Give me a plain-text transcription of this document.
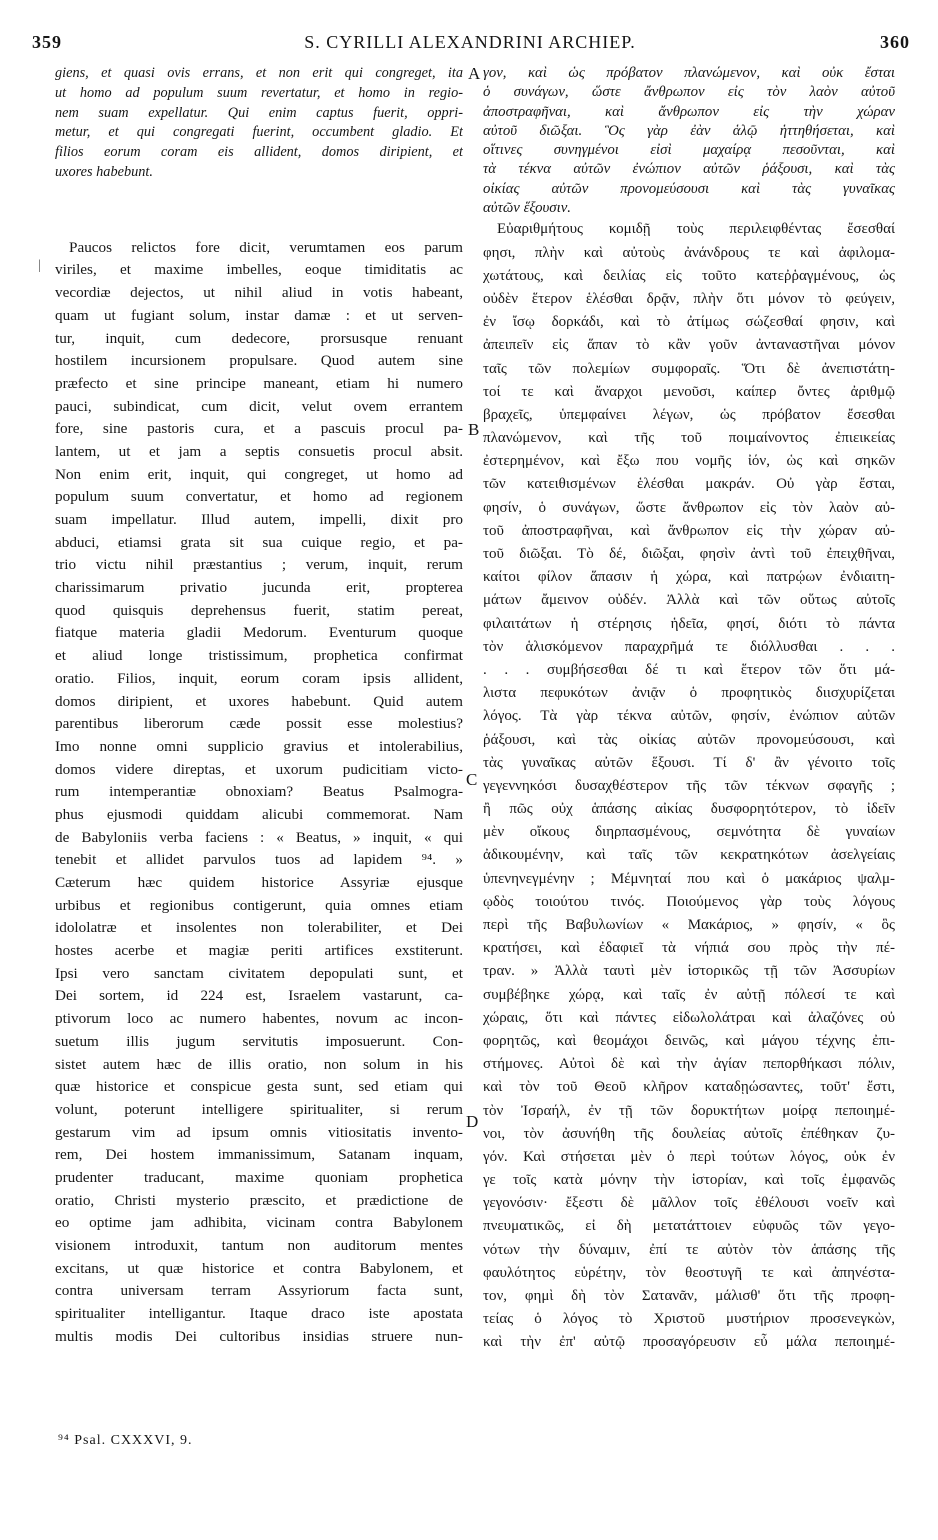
359	S. CYRILLI ALEXANDRINI ARCHIEP.	360
giens, et quasi ovis errans, et non erit qui congreget, ita
ut homo ad populum suum revertatur, et homo in regio-
nem suam expellatur. Qui enim captus fuerit, oppri-
metur, et qui congregati fuerint, occumbent gladio. Et
filios eorum coram eis allident, domos diripient, et
uxores habebunt.
Paucos relictos fore dicit, verumtamen eos parum
viriles, et maxime imbelles, eoque timiditatis ac
vecordiæ dejectos, ut nihil aliud in votis habeant,
quam ut fugiant solum, instar damæ : et ut serven-
tur, inquit, cum dedecore, prorsusque renuant
hostilem incursionem propulsare. Quod autem sine
præfecto et sine principe maneant, etiam hi numero
pauci, subindicat, cum dicit, velut ovem errantem
fore, sine pastoris cura, et a pascuis procul pa-
lantem, ut et jam a septis consuetis procul absit.
Non enim erit, inquit, qui congreget, ut homo ad
populum suum convertatur, et homo ad regionem
suam impellatur. Illud autem, impelli, dixit pro
abduci, etiamsi grata sit sua cuique regio, et pa-
trio victu nihil præstantius ; verum, inquit, rerum
charissimarum privatio jucunda erit, propterea
quod quisquis deprehensus fuerit, statim pereat,
fiatque materia gladii Medorum. Eventurum quoque
et aliud longe tristissimum, prophetica confirmat
oratio. Filios, inquit, eorum coram ipsis allident,
domos diripient, et uxores habebunt. Quid autem
parentibus liberorum cæde possit esse molestius?
Imo nonne omni supplicio gravius et intolerabilius,
domos videre direptas, et uxorum pudicitiam victo-
rum intemperantiæ obnoxiam? Beatus Psalmogra-
phus ejusmodi quiddam alicubi commemorat. Nam
de Babyloniis verba faciens : « Beatus, » inquit, « qui
tenebit et allidet parvulos tuos ad lapidem ⁹⁴. »
Cæterum hæc quidem historice Assyriæ ejusque
urbibus et regionibus contigerunt, quia omnes etiam
idololatræ et insolentes non tolerabiliter, et Dei
hostes acerbe et magiæ periti artifices exstiterunt.
Ipsi vero sanctam civitatem depopulati sunt, et
Dei sortem, id 224 est, Israelem vastarunt, ca-
ptivorum loco ac numero habentes, novum ac incon-
suetum illis jugum servitutis imposuerunt. Con-
sistet autem hæc de illis oratio, non solum in his
quæ historice et conspicue gesta sunt, sed etiam qui
volunt, poterunt intelligere spiritualiter, si rerum
gestarum vim ad ipsum omnis vitiositatis invento-
rem, Dei hostem immanissimum, Satanam inquam,
prudenter traducant, maxime quoniam prophetica
oratio, Christi mysterio præscito, et prædictione de
eo optime jam adhibita, vicinam contra Babylonem
visionem introduxit, tantum non auditorum mentes
excitans, ut quæ historice et contra Babylonem, et
contra universam terram Assyriorum facta sunt,
spiritualiter intelligantur. Itaque draco iste apostata
multis modis Dei cultoribus insidias struere nun-
γον, καὶ ὡς πρόβατον πλανώμενον, καὶ οὐκ ἔσται
ὁ συνάγων, ὥστε ἄνθρωπον εἰς τὸν λαὸν αὐτοῦ
ἀποστραφῆναι, καὶ ἄνθρωπον εἰς τὴν χώραν
αὐτοῦ διῶξαι. Ὃς γὰρ ἐὰν ἁλῷ ἡττηθήσεται, καὶ
οἵτινες συνηγμένοι εἰσὶ μαχαίρᾳ πεσοῦνται, καὶ
τὰ τέκνα αὐτῶν ἐνώπιον αὐτῶν ῥάξουσι, καὶ τὰς
οἰκίας αὐτῶν προνομεύσουσι καὶ τὰς γυναῖκας
αὐτῶν ἕξουσιν.
Εὐαριθμήτους κομιδῇ τοὺς περιλειφθέντας ἔσεσθαί
φησι, πλὴν καὶ αὐτοὺς ἀνάνδρους τε καὶ ἀφιλομα-
χωτάτους, καὶ δειλίας εἰς τοῦτο κατεῤῥαγμένους, ὡς
οὐδὲν ἕτερον ἑλέσθαι δρᾷν, πλὴν ὅτι μόνον τὸ φεύγειν,
ἐν ἴσῳ δορκάδι, καὶ τὸ ἀτίμως σώζεσθαί φησιν, καὶ
ἀπειπεῖν εἰς ἅπαν τὸ κἂν γοῦν ἀνταναστῆναι μόνον
ταῖς τῶν πολεμίων συμφοραῖς. Ὅτι δὲ ἀνεπιστάτη-
τοί τε καὶ ἄναρχοι μενοῦσι, καίπερ ὄντες ἀριθμῷ
βραχεῖς, ὑπεμφαίνει λέγων, ὡς πρόβατον ἔσεσθαι
πλανώμενον, καὶ τῆς τοῦ ποιμαίνοντος ἐπιεικείας
ἐστερημένον, καὶ ἔξω που νομῆς ἰόν, ὡς καὶ σηκῶν
τῶν κατειθισμένων ἑλέσθαι μακράν. Οὐ γὰρ ἔσται,
φησίν, ὁ συνάγων, ὥστε ἄνθρωπον εἰς τὸν λαὸν αὐ-
τοῦ ἀποστραφῆναι, καὶ ἄνθρωπον εἰς τὴν χώραν αὐ-
τοῦ διῶξαι. Τὸ δέ, διῶξαι, φησὶν ἀντὶ τοῦ ἐπειχθῆναι,
καίτοι φίλον ἅπασιν ἡ χώρα, καὶ πατρῴων ἐνδιαιτη-
μάτων ἄμεινον οὐδέν. Ἀλλὰ καὶ τῶν οὕτως αὐτοῖς
φιλαιτάτων ἡ στέρησις ἡδεῖα, φησί, διότι τὸ πάντα
τὸν ἁλισκόμενον παραχρῆμά τε διόλλυσθαι . . .
. . . συμβήσεσθαι δέ τι καὶ ἕτερον τῶν ὅτι μά-
λιστα πεφυκότων ἀνιᾷν ὁ προφητικὸς διισχυρίζεται
λόγος. Τὰ γὰρ τέκνα αὐτῶν, φησίν, ἐνώπιον αὐτῶν
ῥάξουσι, καὶ τὰς οἰκίας αὐτῶν προνομεύσουσι, καὶ
τὰς γυναῖκας αὐτῶν ἕξουσι. Τί δ' ἂν γένοιτο τοῖς
γεγεννηκόσι δυσαχθέστερον τῆς τῶν τέκνων σφαγῆς ;
ἢ πῶς οὐχ ἁπάσης αἰκίας δυσφορητότερον, τὸ ἰδεῖν
μὲν οἴκους διηρπασμένους, σεμνότητα δὲ γυναίων
ἀδικουμένην, καὶ ταῖς τῶν κεκρατηκότων ἀσελγείαις
ὑπενηνεγμένην ; Μέμνηταί που καὶ ὁ μακάριος ψαλμ-
ῳδὸς τοιούτου τινός. Ποιούμενος γὰρ τοὺς λόγους
περὶ τῆς Βαβυλωνίων « Μακάριος, » φησίν, « ὃς
κρατήσει, καὶ ἐδαφιεῖ τὰ νήπιά σου πρὸς τὴν πέ-
τραν. » Ἀλλὰ ταυτὶ μὲν ἱστορικῶς τῇ τῶν Ἀσσυρίων
συμβέβηκε χώρᾳ, καὶ ταῖς ἐν αὐτῇ πόλεσί τε καὶ
χώραις, ὅτι καὶ πάντες εἰδωλολάτραι καὶ ἀλαζόνες οὐ
φορητῶς, καὶ θεομάχοι δεινῶς, καὶ μάγου τέχνης ἐπι-
στήμονες. Αὐτοὶ δὲ καὶ τὴν ἁγίαν πεπορθήκασι πόλιν,
καὶ τὸν τοῦ Θεοῦ κλῆρον καταδῃώσαντες, τοῦτ' ἔστι,
τὸν Ἰσραήλ, ἐν τῇ τῶν δορυκτήτων μοίρᾳ πεποιημέ-
νοι, τὸν ἀσυνήθη τῆς δουλείας αὐτοῖς ἐπέθηκαν ζυ-
γόν. Καὶ στήσεται μὲν ὁ περὶ τούτων λόγος, οὐκ ἐν
γε τοῖς κατὰ μόνην τὴν ἱστορίαν, καὶ τοῖς ἐμφανῶς
γεγονόσιν· ἔξεστι δὲ μᾶλλον τοῖς ἐθέλουσι νοεῖν καὶ
πνευματικῶς, εἰ δὴ μετατάττοιεν εὐφυῶς τῶν γεγο-
νότων τὴν δύναμιν, ἐπί τε αὐτὸν τὸν ἁπάσης τῆς
φαυλότητος εὑρέτην, τὸν θεοστυγῆ τε καὶ ἀπηνέστα-
τον, φημὶ δὴ τὸν Σατανᾶν, μάλισθ' ὅτι τῆς προφη-
τείας ὁ λόγος τὸ Χριστοῦ μυστήριον προσενεγκὼν,
καὶ τὴν ἐπ' αὐτῷ προσαγόρευσιν εὖ μάλα πεποιημέ-
A
B
C
D
|
⁹⁴ Psal. CXXXVI, 9.
